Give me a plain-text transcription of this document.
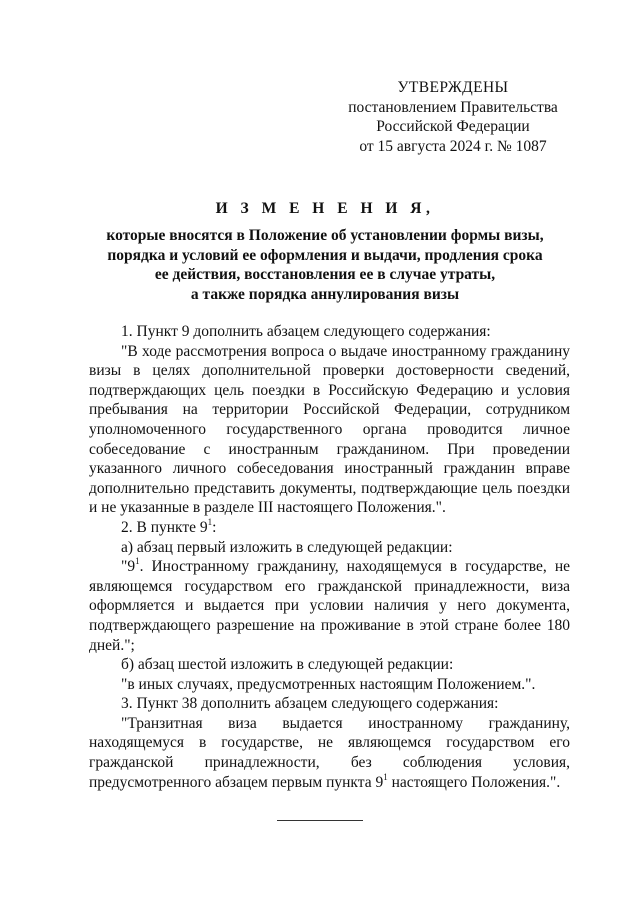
УТВЕРЖДЕНЫ
постановлением Правительства
Российской Федерации
от 15 августа 2024 г. № 1087
И З М Е Н Е Н И Я,
которые вносятся в Положение об установлении формы визы,
порядка и условий ее оформления и выдачи, продления срока
ее действия, восстановления ее в случае утраты,
а также порядка аннулирования визы

1. Пункт 9 дополнить абзацем следующего содержания:

"В ходе рассмотрения вопроса о выдаче иностранному гражданину визы в целях дополнительной проверки достоверности сведений, подтверждающих цель поездки в Российскую Федерацию и условия пребывания на территории Российской Федерации, сотрудником уполномоченного государственного органа проводится личное собеседование с иностранным гражданином. При проведении указанного личного собеседования иностранный гражданин вправе дополнительно представить документы, подтверждающие цель поездки и не указанные в разделе III настоящего Положения.".

2. В пункте $9^1$:

а) абзац первый изложить в следующей редакции:

"$9^1$. Иностранному гражданину, находящемуся в государстве, не являющемся государством его гражданской принадлежности, виза оформляется и выдается при условии наличия у него документа, подтверждающего разрешение на проживание в этой стране более 180 дней.";

б) абзац шестой изложить в следующей редакции:

"в иных случаях, предусмотренных настоящим Положением.".

3. Пункт 38 дополнить абзацем следующего содержания:

"Транзитная виза выдается иностранному гражданину, находящемуся в государстве, не являющемся государством его гражданской принадлежности, без соблюдения условия, предусмотренного абзацем первым пункта $9^1$ настоящего Положения.".
